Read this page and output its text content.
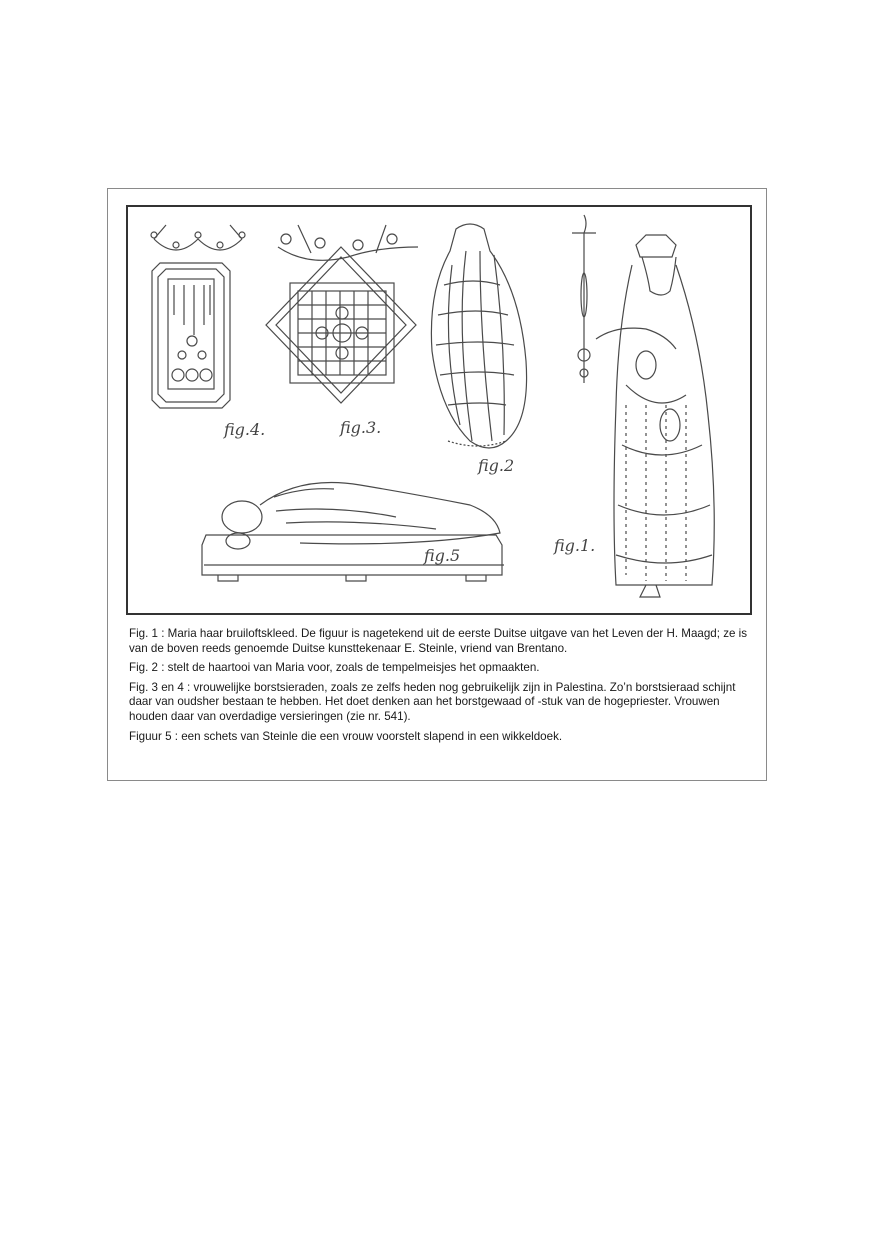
fig.4.	fig.3.
fig.2
fig.1.
fig.5

Fig. 1 : Maria haar bruiloftskleed. De figuur is nagetekend uit de eerste Duitse uitgave van het Leven der H. Maagd; ze is van de boven reeds genoemde Duitse kunsttekenaar E. Steinle, vriend van Brentano.

Fig. 2 : stelt de haartooi van Maria voor, zoals de tempelmeisjes het opmaakten.

Fig. 3 en 4 : vrouwelijke borstsieraden, zoals ze zelfs heden nog gebruikelijk zijn in Palestina. Zo’n borstsieraad schijnt daar van oudsher bestaan te hebben. Het doet denken aan het borstgewaad of -stuk van de hogepriester. Vrouwen houden daar van overdadige versieringen (zie nr. 541).

Figuur 5 : een schets van Steinle die een vrouw voorstelt slapend in een wikkeldoek.
